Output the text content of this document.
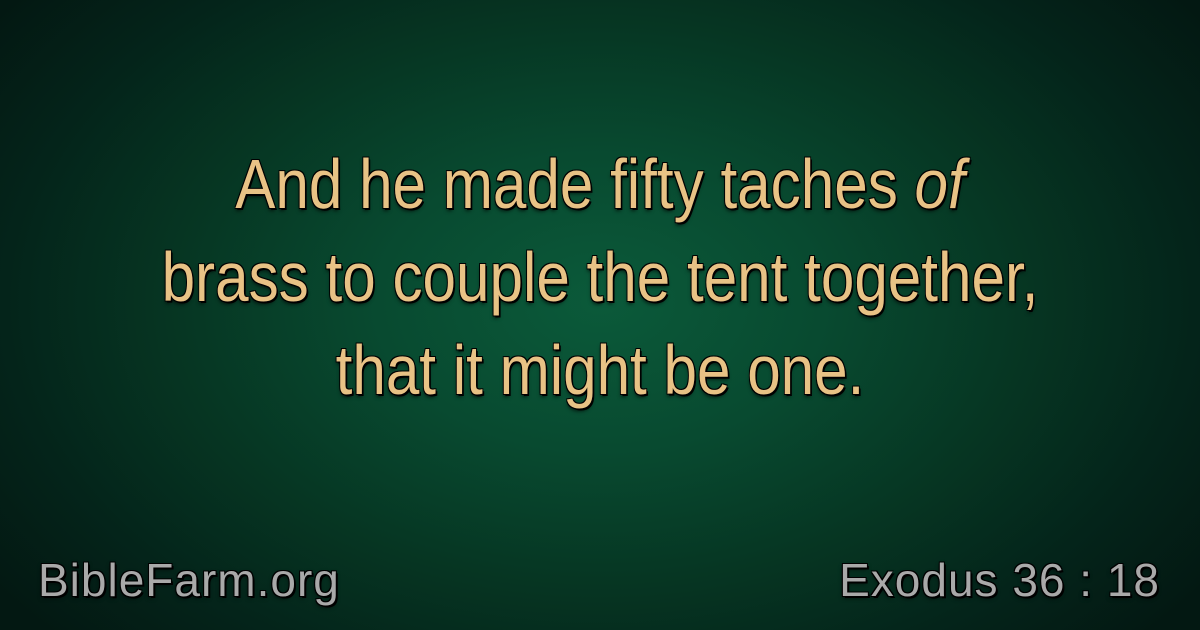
And he made fifty taches of
brass to couple the tent together,
that it might be one.
BibleFarm.org	Exodus 36 : 18
